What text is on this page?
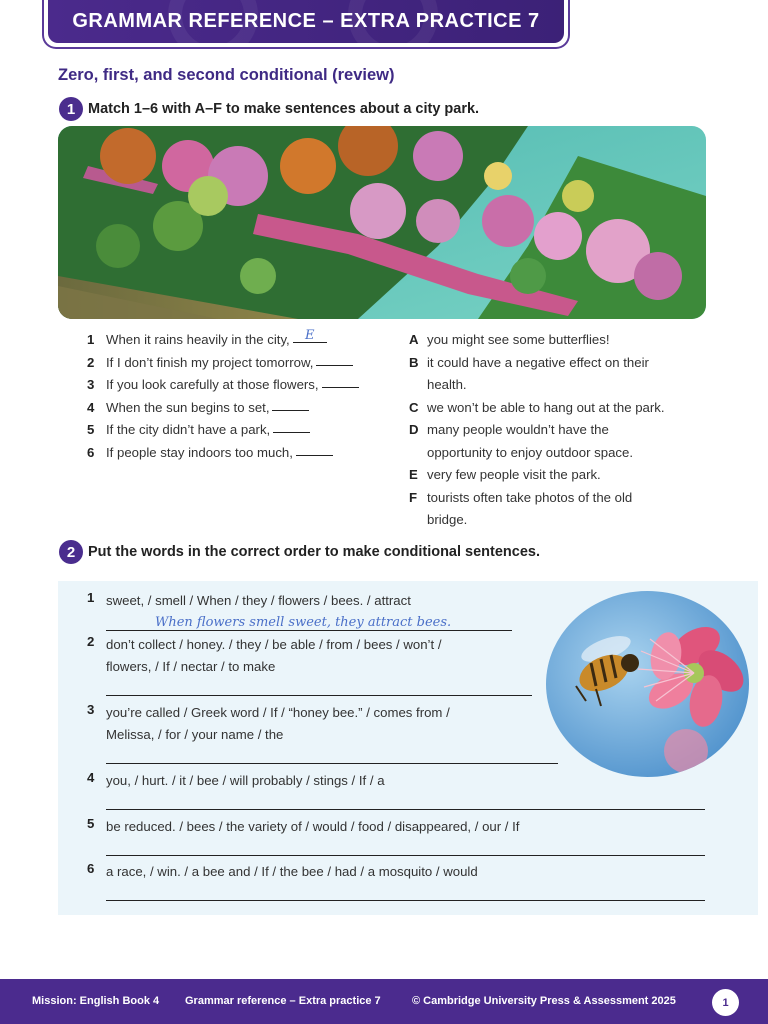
GRAMMAR REFERENCE – EXTRA PRACTICE 7
Zero, first, and second conditional (review)
1 Match 1–6 with A–F to make sentences about a city park.
1 When it rains heavily in the city,	E
2 If I don’t finish my project tomorrow,
3 If you look carefully at those flowers,
4 When the sun begins to set,
5 If the city didn’t have a park,
6 If people stay indoors too much,
A you might see some butterflies!
B it could have a negative effect on their
health.
C we won’t be able to hang out at the park.
D many people wouldn’t have the
opportunity to enjoy outdoor space.
E very few people visit the park.
F tourists often take photos of the old
bridge.
2 Put the words in the correct order to make conditional sentences.
1 sweet, / smell / When / they / flowers / bees. / attract
When flowers smell sweet, they attract bees.
2 don’t collect / honey. / they / be able / from / bees / won’t /
flowers, / If / nectar / to make
3 you’re called / Greek word / If / “honey bee.” / comes from /
Melissa, / for / your name / the
4 you, / hurt. / it / bee / will probably / stings / If / a
5 be reduced. / bees / the variety of / would / food / disappeared, / our / If
6 a race, / win. / a bee and / If / the bee / had / a mosquito / would
Mission: English Book 4 Grammar reference – Extra practice 7	© Cambridge University Press & Assessment 2025	1
